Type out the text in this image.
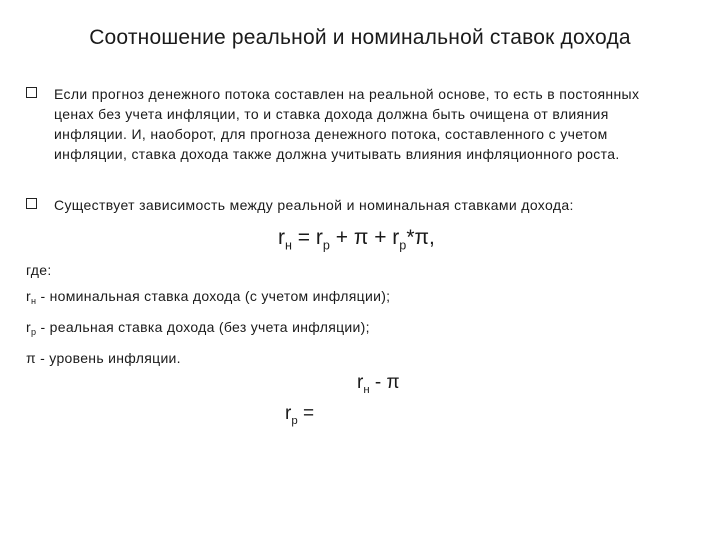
Соотношение реальной и номинальной ставок дохода
Если прогноз денежного потока составлен на реальной основе, то есть в постоянных ценах без учета инфляции, то и ставка дохода должна быть очищена от влияния инфляции. И, наоборот, для прогноза денежного потока, составленного с учетом инфляции, ставка дохода также должна учитывать влияния инфляционного роста.
Существует зависимость между реальной и номинальная ставками дохода:
$r_н = r_р + \pi + r_р*\pi$,
где:
$r_н$ - номинальная ставка дохода (с учетом инфляции);
$r_р$ - реальная ставка дохода (без учета инфляции);
π - уровень инфляции.
$r_н$ - π
$r_р$ =
